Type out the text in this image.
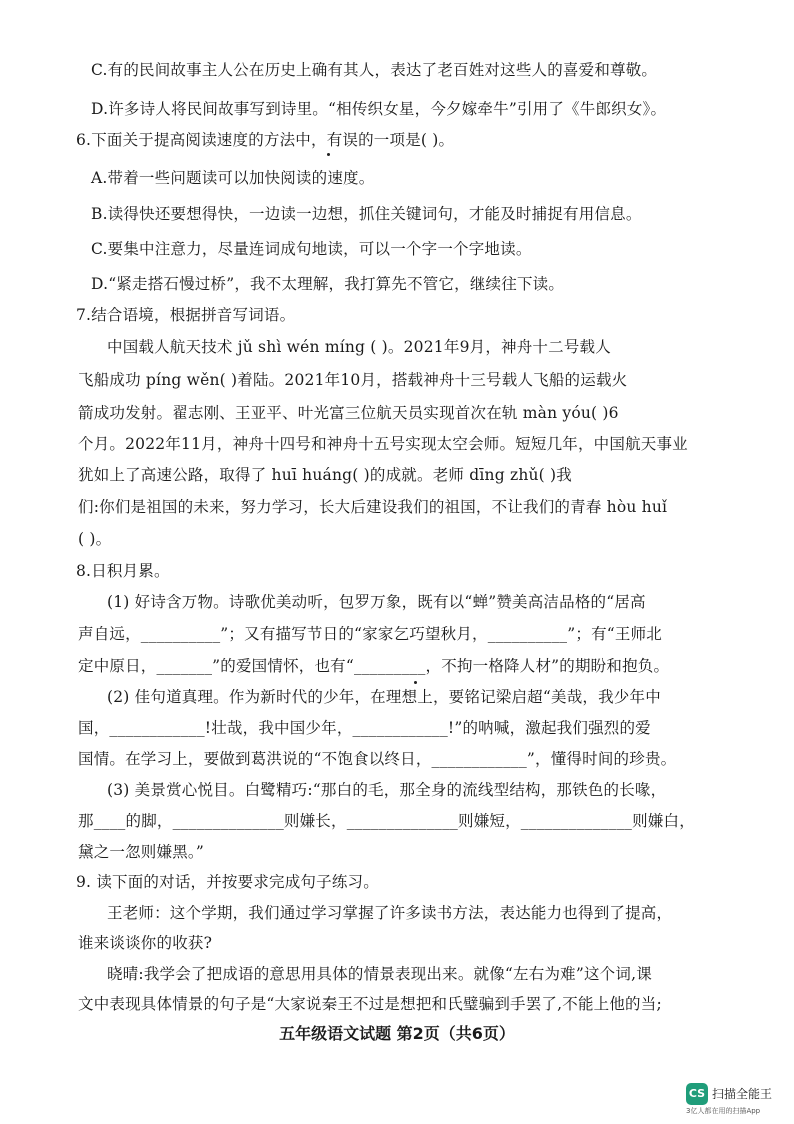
C.有的民间故事主人公在历史上确有其人，表达了老百姓对这些人的喜爱和尊敬。
D.许多诗人将民间故事写到诗里。“相传织女星，今夕嫁牵牛”引用了《牛郎织女》。
6.下面关于提高阅读速度的方法中，有误的一项是( )。
A.带着一些问题读可以加快阅读的速度。
B.读得快还要想得快，一边读一边想，抓住关键词句，才能及时捕捉有用信息。
C.要集中注意力，尽量连词成句地读，可以一个字一个字地读。
D.“紧走搭石慢过桥”，我不太理解，我打算先不管它，继续往下读。
7.结合语境，根据拼音写词语。
中国载人航天技术 jǔ shì wén míng ( )。2021年9月，神舟十二号载人
飞船成功 píng wěn( )着陆。2021年10月，搭载神舟十三号载人飞船的运载火
箭成功发射。翟志刚、王亚平、叶光富三位航天员实现首次在轨 màn yóu( )6
个月。2022年11月，神舟十四号和神舟十五号实现太空会师。短短几年，中国航天事业
犹如上了高速公路，取得了 huī huáng( )的成就。老师 dīng zhǔ( )我
们:你们是祖国的未来，努力学习，长大后建设我们的祖国，不让我们的青春 hòu huǐ
( )。
8.日积月累。
(1) 好诗含万物。诗歌优美动听，包罗万象，既有以“蝉”赞美高洁品格的“居高
声自远，__________”；又有描写节日的“家家乞巧望秋月，__________”；有“王师北
定中原日，_______”的爱国情怀，也有“_________，不拘一格降人材”的期盼和抱负。
(2) 佳句道真理。作为新时代的少年，在理想上，要铭记梁启超“美哉，我少年中
国，____________!壮哉，我中国少年，____________!”的呐喊，激起我们强烈的爱
国情。在学习上，要做到葛洪说的“不饱食以终日，____________”，懂得时间的珍贵。
(3) 美景赏心悦目。白鹭精巧:“那白的毛，那全身的流线型结构，那铁色的长喙，
那____的脚，______________则嫌长，______________则嫌短，______________则嫌白，
黛之一忽则嫌黑。”
9. 读下面的对话，并按要求完成句子练习。
王老师：这个学期，我们通过学习掌握了许多读书方法，表达能力也得到了提高，
谁来谈谈你的收获?
晓晴:我学会了把成语的意思用具体的情景表现出来。就像“左右为难”这个词,课
文中表现具体情景的句子是“大家说秦王不过是想把和氏璧骗到手罢了,不能上他的当;
五年级语文试题 第2页（共6页）
CS 扫描全能王
3亿人都在用的扫描App
